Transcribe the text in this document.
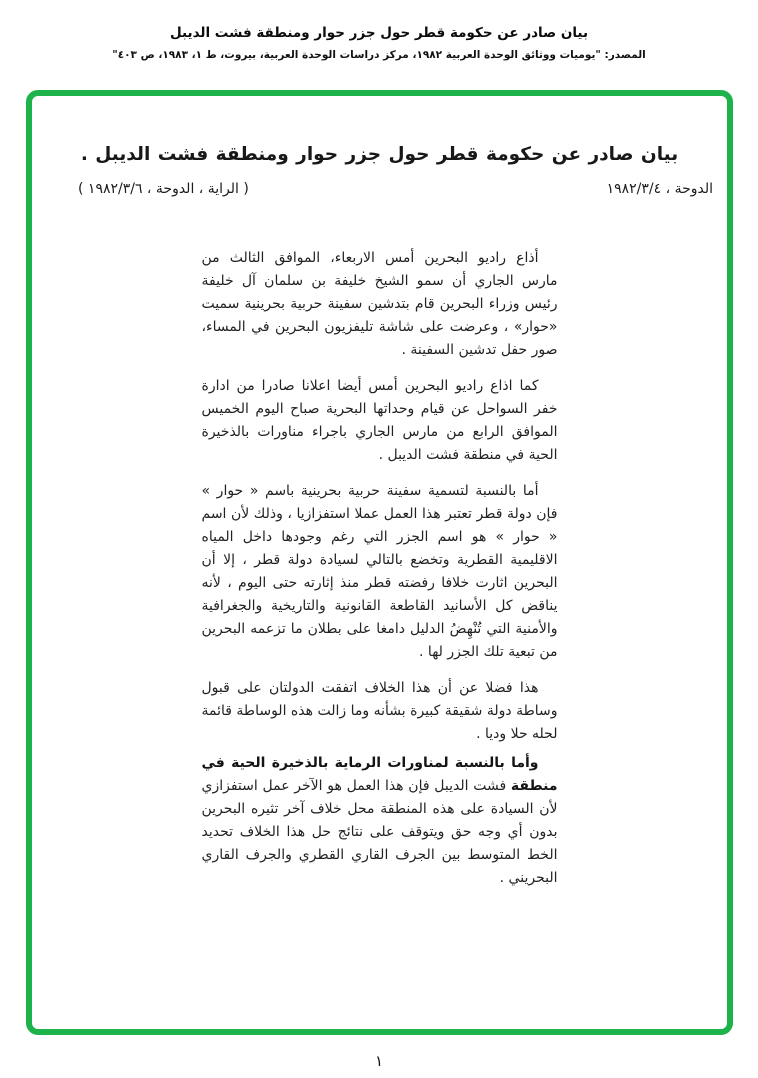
بيان صادر عن حكومة قطر حول جزر حوار ومنطقة فشت الديبل
المصدر: "يوميات ووثائق الوحدة العربية ١٩٨٢، مركز دراسات الوحدة العربية، بيروت، ط ١، ١٩٨٣، ص ٤٠٣"
بيان صادر عن حكومة قطر حول جزر حوار ومنطقة فشت الديبل .
الدوحة ، ١٩٨٢/٣/٤
( الراية ، الدوحة ، ١٩٨٢/٣/٦ )

أذاع راديو البحرين أمس الاربعاء، الموافق الثالث من مارس الجاري أن سمو الشيخ خليفة بن سلمان آل خليفة رئيس وزراء البحرين قام بتدشين سفينة حربية بحرينية سميت «حوار» ، وعرضت على شاشة تليفزيون البحرين في المساء، صور حفل تدشين السفينة .

كما اذاع راديو البحرين أمس أيضا اعلانا صادرا من ادارة خفر السواحل عن قيام وحداتها البحرية صباح اليوم الخميس الموافق الرابع من مارس الجاري باجراء مناورات بالذخيرة الحية في منطقة فشت الديبل .

أما بالنسبة لتسمية سفينة حربية بحرينية باسم « حوار » فإن دولة قطر تعتبر هذا العمل عملا استفزازيا ، وذلك لأن اسم « حوار » هو اسم الجزر التي رغم وجودها داخل المياه الاقليمية القطرية وتخضع بالتالي لسيادة دولة قطر ، إلا أن البحرين اثارت خلافا رفضته قطر منذ إثارته حتى اليوم ، لأنه يناقض كل الأسانيد القاطعة القانونية والتاريخية والجغرافية والأمنية التي تُنْهِضُ الدليل دامغا على بطلان ما تزعمه البحرين من تبعية تلك الجزر لها .

هذا فضلا عن أن هذا الخلاف اتفقت الدولتان على قبول وساطة دولة شقيقة كبيرة بشأنه وما زالت هذه الوساطة قائمة لحله حلا وديا .

وأما بالنسبة لمناورات الرماية بالذخيرة الحية في منطقة فشت الديبل فإن هذا العمل هو الآخر عمل استفزازي لأن السيادة على هذه المنطقة محل خلاف آخر تثيره البحرين بدون أي وجه حق ويتوقف على نتائج حل هذا الخلاف تحديد الخط المتوسط بين الجرف القاري القطري والجرف القاري البحريني .

١
